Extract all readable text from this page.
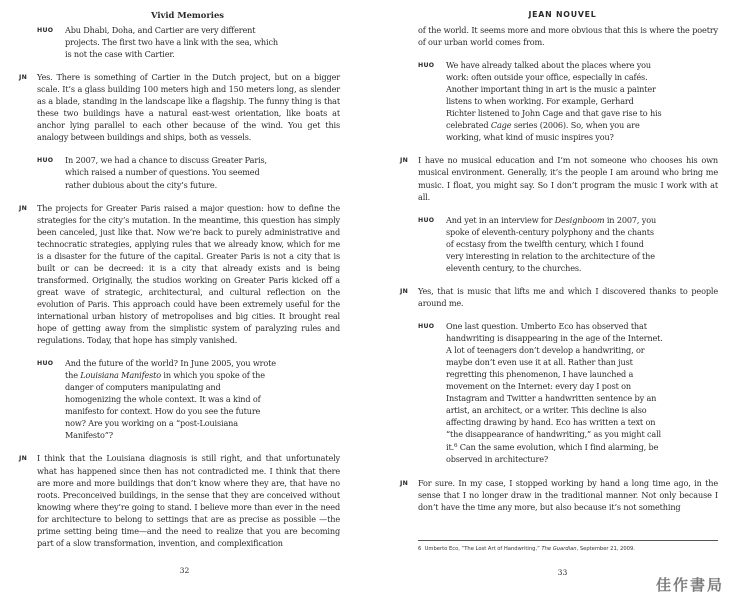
Vivid Memories
HUO Abu Dhabi, Doha, and Cartier are very different projects. The first two have a link with the sea, which is not the case with Cartier.
JN Yes. There is something of Cartier in the Dutch project, but on a bigger scale. It’s a glass building 100 meters high and 150 meters long, as slender as a blade, standing in the landscape like a flagship. The funny thing is that these two buildings have a natural east-west orientation, like boats at anchor lying parallel to each other because of the wind. You get this analogy between buildings and ships, both as vessels.
HUO In 2007, we had a chance to discuss Greater Paris, which raised a number of questions. You seemed rather dubious about the city’s future.
JN The projects for Greater Paris raised a major question: how to define the strategies for the city’s mutation. In the meantime, this question has simply been canceled, just like that. Now we’re back to purely administrative and technocratic strategies, applying rules that we already know, which for me is a disaster for the future of the capital. Greater Paris is not a city that is built or can be decreed: it is a city that already exists and is being transformed. Originally, the studios working on Greater Paris kicked off a great wave of strategic, architectural, and cultural reflection on the evolution of Paris. This approach could have been extremely useful for the international urban history of metropolises and big cities. It brought real hope of getting away from the simplistic system of paralyzing rules and regulations. Today, that hope has simply vanished.
HUO And the future of the world? In June 2005, you wrote the Louisiana Manifesto in which you spoke of the danger of computers manipulating and homogenizing the whole context. It was a kind of manifesto for context. How do you see the future now? Are you working on a “post-Louisiana Manifesto”?
JN I think that the Louisiana diagnosis is still right, and that unfortunately what has happened since then has not contradicted me. I think that there are more and more buildings that don’t know where they are, that have no roots. Preconceived buildings, in the sense that they are conceived without knowing where they’re going to stand. I believe more than ever in the need for architecture to belong to settings that are as precise as possible —the prime setting being time—and the need to realize that you are becoming part of a slow transformation, invention, and complexification
32
JEAN NOUVEL
of the world. It seems more and more obvious that this is where the poetry of our urban world comes from.
HUO We have already talked about the places where you work: often outside your office, especially in cafés. Another important thing in art is the music a painter listens to when working. For example, Gerhard Richter listened to John Cage and that gave rise to his celebrated Cage series (2006). So, when you are working, what kind of music inspires you?
JN I have no musical education and I’m not someone who chooses his own musical environment. Generally, it’s the people I am around who bring me music. I float, you might say. So I don’t program the music I work with at all.
HUO And yet in an interview for Designboom in 2007, you spoke of eleventh-century polyphony and the chants of ecstasy from the twelfth century, which I found very interesting in relation to the architecture of the eleventh century, to the churches.
JN Yes, that is music that lifts me and which I discovered thanks to people around me.
HUO One last question. Umberto Eco has observed that handwriting is disappearing in the age of the Internet. A lot of teenagers don’t develop a handwriting, or maybe don’t even use it at all. Rather than just regretting this phenomenon, I have launched a movement on the Internet: every day I post on Instagram and Twitter a handwritten sentence by an artist, an architect, or a writer. This decline is also affecting drawing by hand. Eco has written a text on “the disappearance of handwriting,” as you might call it.$^6$ Can the same evolution, which I find alarming, be observed in architecture?
JN For sure. In my case, I stopped working by hand a long time ago, in the sense that I no longer draw in the traditional manner. Not only because I don’t have the time any more, but also because it’s not something
6 Umberto Eco, “The Lost Art of Handwriting,” The Guardian, September 21, 2009.
33
佳作書局
